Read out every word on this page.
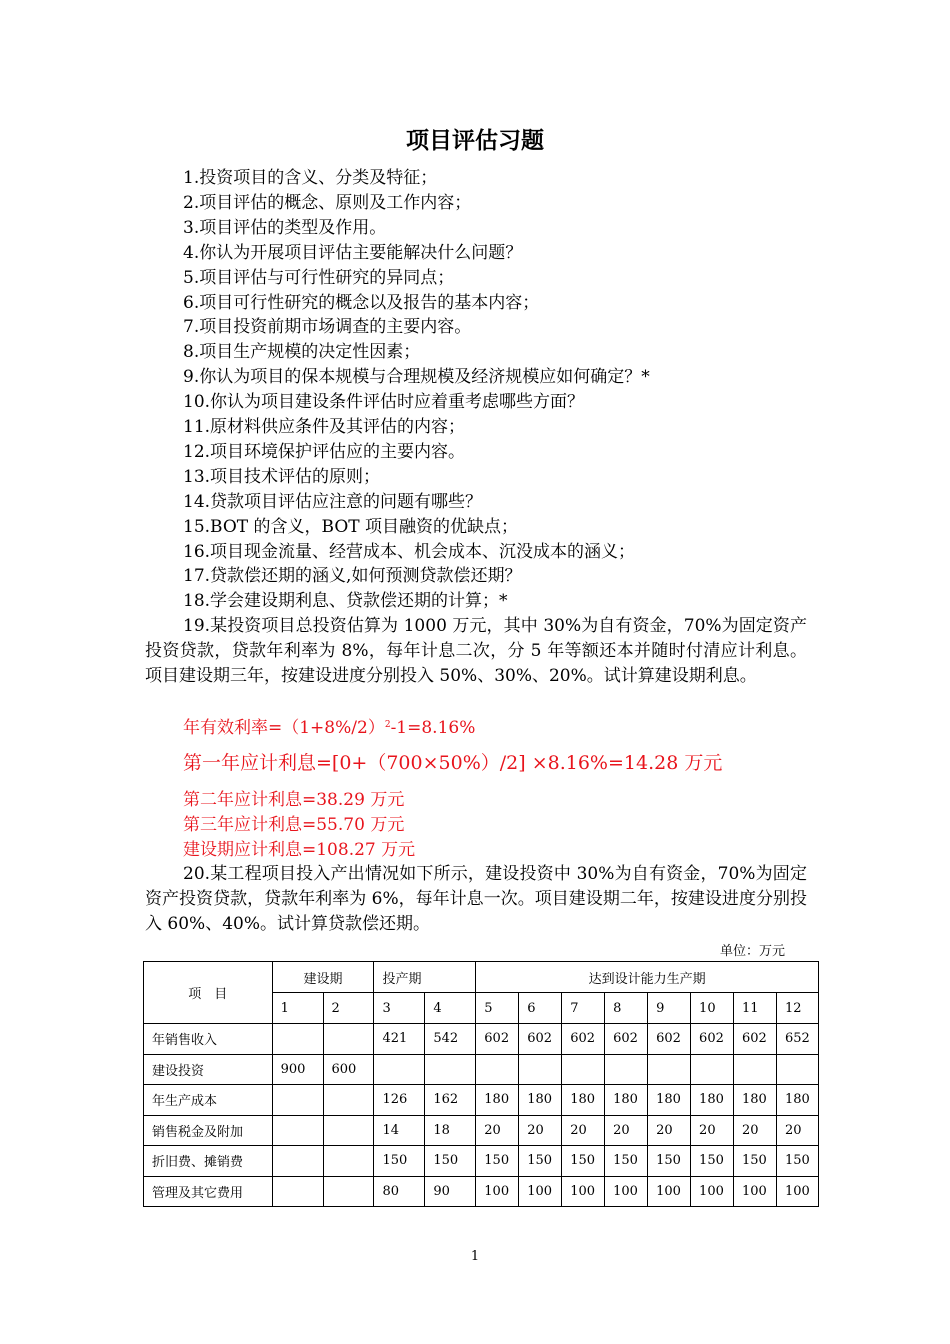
项目评估习题
1.投资项目的含义、分类及特征；
2.项目评估的概念、原则及工作内容；
3.项目评估的类型及作用。
4.你认为开展项目评估主要能解决什么问题？
5.项目评估与可行性研究的异同点；
6.项目可行性研究的概念以及报告的基本内容；
7.项目投资前期市场调查的主要内容。
8.项目生产规模的决定性因素；
9.你认为项目的保本规模与合理规模及经济规模应如何确定？*
10.你认为项目建设条件评估时应着重考虑哪些方面？
11.原材料供应条件及其评估的内容；
12.项目环境保护评估应的主要内容。
13.项目技术评估的原则；
14.贷款项目评估应注意的问题有哪些？
15.BOT 的含义，BOT 项目融资的优缺点；
16.项目现金流量、经营成本、机会成本、沉没成本的涵义；
17.贷款偿还期的涵义,如何预测贷款偿还期？
18.学会建设期利息、贷款偿还期的计算；*
19.某投资项目总投资估算为 1000 万元，其中 30%为自有资金，70%为固定资产投资贷款，贷款年利率为 8%，每年计息二次，分 5 年等额还本并随时付清应计利息。项目建设期三年，按建设进度分别投入 50%、30%、20%。试计算建设期利息。
年有效利率$=(1+8\%/2)^2-1=8.16\%$
第一年应计利息=[0+（700×50%）/2] ×8.16%=14.28 万元
第二年应计利息=38.29 万元
第三年应计利息=55.70 万元
建设期应计利息=108.27 万元
20.某工程项目投入产出情况如下所示，建设投资中 30%为自有资金，70%为固定资产投资贷款，贷款年利率为 6%，每年计息一次。项目建设期二年，按建设进度分别投入 60%、40%。试计算贷款偿还期。
单位：万元
项　目	建设期		投产期		达到设计能力生产期							
	1	2	3	4	5	6	7	8	9	10	11	12
年销售收入			421	542	602	602	602	602	602	602	602	652
建设投资	900	600										
年生产成本			126	162	180	180	180	180	180	180	180	180
销售税金及附加			14	18	20	20	20	20	20	20	20	20
折旧费、摊销费			150	150	150	150	150	150	150	150	150	150
管理及其它费用			80	90	100	100	100	100	100	100	100	100
1
